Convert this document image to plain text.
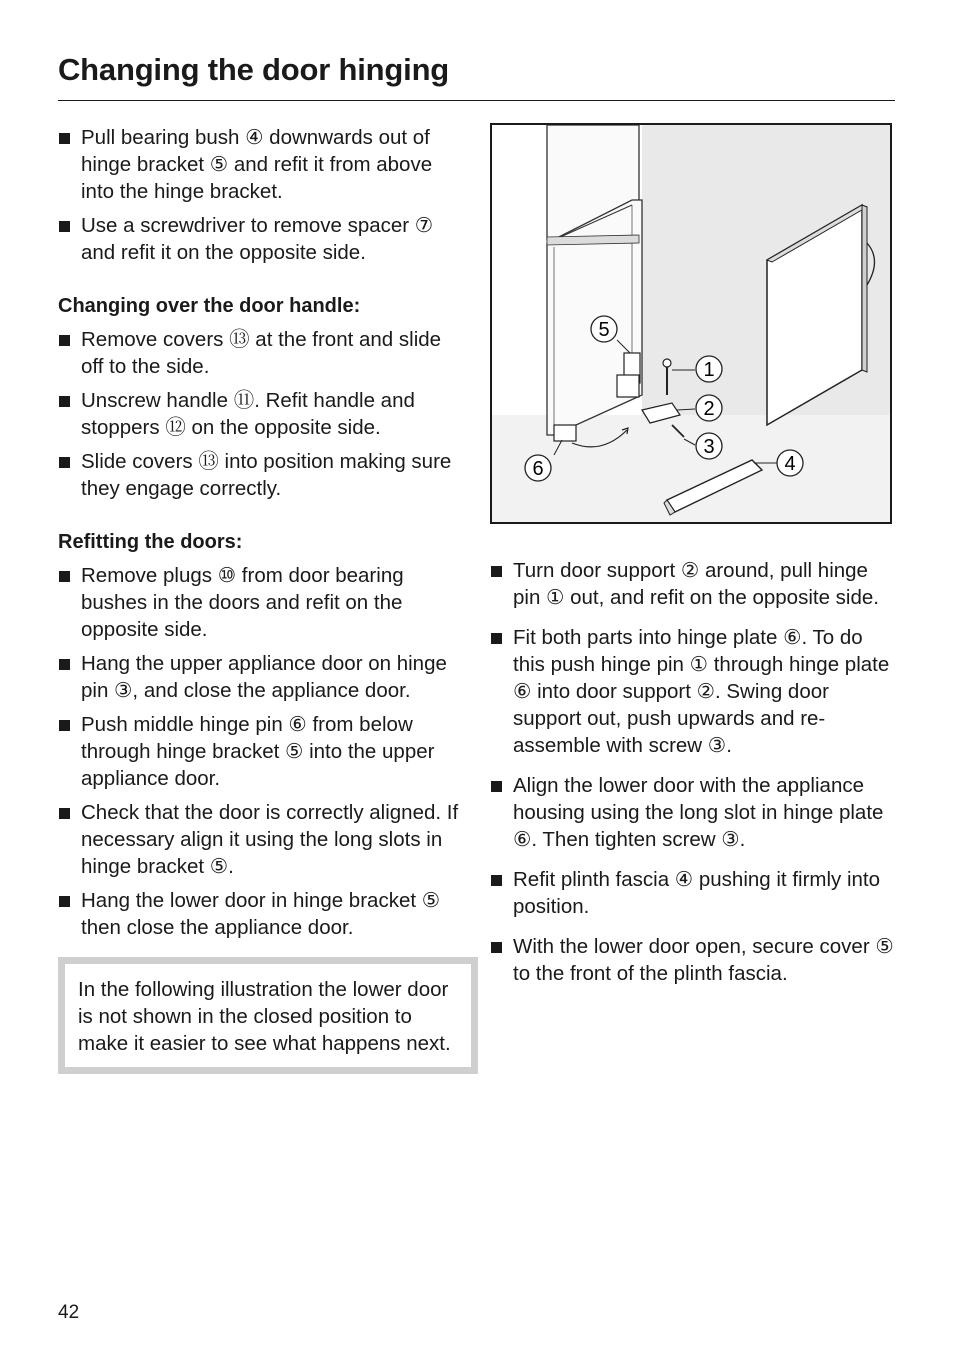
Changing the door hinging
Pull bearing bush ④ downwards out of hinge bracket ⑤ and refit it from above into the hinge bracket.
Use a screwdriver to remove spacer ⑦ and refit it on the opposite side.
Changing over the door handle:
Remove covers ⑬ at the front and slide off to the side.
Unscrew handle ⑪. Refit handle and stoppers ⑫ on the opposite side.
Slide covers ⑬ into position making sure they engage correctly.
Refitting the doors:
Remove plugs ⑩ from door bearing bushes in the doors and refit on the opposite side.
Hang the upper appliance door on hinge pin ③, and close the appliance door.
Push middle hinge pin ⑥ from below through hinge bracket ⑤ into the upper appliance door.
Check that the door is correctly aligned. If necessary align it using the long slots in hinge bracket ⑤.
Hang the lower door in hinge bracket ⑤ then close the appliance door.
In the following illustration the lower door is not shown in the closed position to make it easier to see what happens next.
5
1
2
3
4
6
Turn door support ② around, pull hinge pin ① out, and refit on the opposite side.
Fit both parts into hinge plate ⑥. To do this push hinge pin ① through hinge plate ⑥ into door support ②. Swing door support out, push upwards and re-assemble with screw ③.
Align the lower door with the appliance housing using the long slot in hinge plate ⑥. Then tighten screw ③.
Refit plinth fascia ④ pushing it firmly into position.
With the lower door open, secure cover ⑤ to the front of the plinth fascia.
42
